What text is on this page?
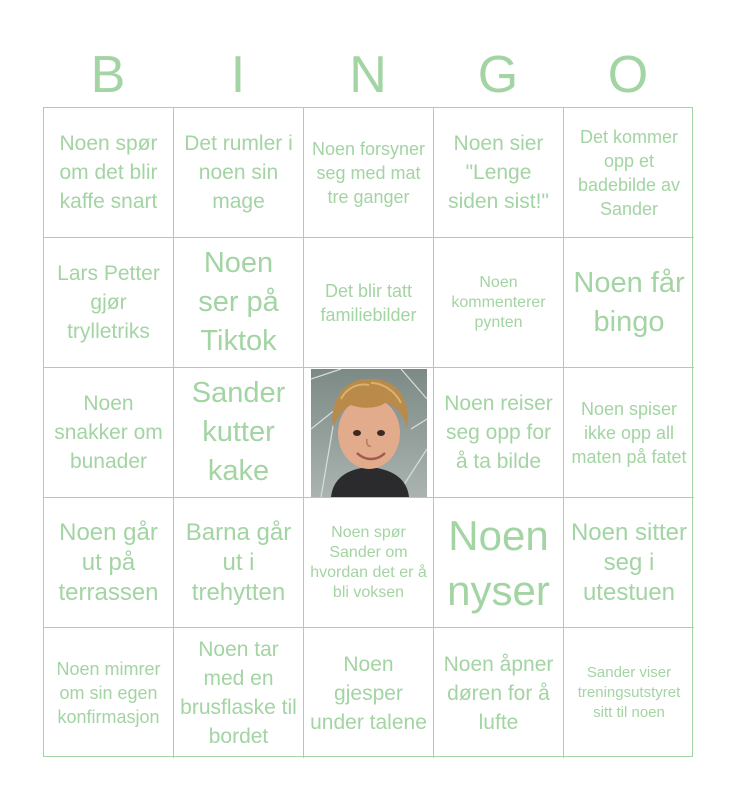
B	I	N	G	O
Noen spør om det blir kaffe snart
Det rumler i noen sin mage
Noen forsyner seg med mat tre ganger
Noen sier "Lenge siden sist!"
Det kommer opp et badebilde av Sander
Lars Petter gjør trylletriks
Noen ser på Tiktok
Det blir tatt familiebilder
Noen kommenterer pynten
Noen får bingo
Noen snakker om bunader
Sander kutter kake
Noen reiser seg opp for å ta bilde
Noen spiser ikke opp all maten på fatet
Noen går ut på terrassen
Barna går ut i trehytten
Noen spør Sander om hvordan det er å bli voksen
Noen nyser
Noen sitter seg i utestuen
Noen mimrer om sin egen konfirmasjon
Noen tar med en brusflaske til bordet
Noen gjesper under talene
Noen åpner døren for å lufte
Sander viser treningsutstyret sitt til noen
